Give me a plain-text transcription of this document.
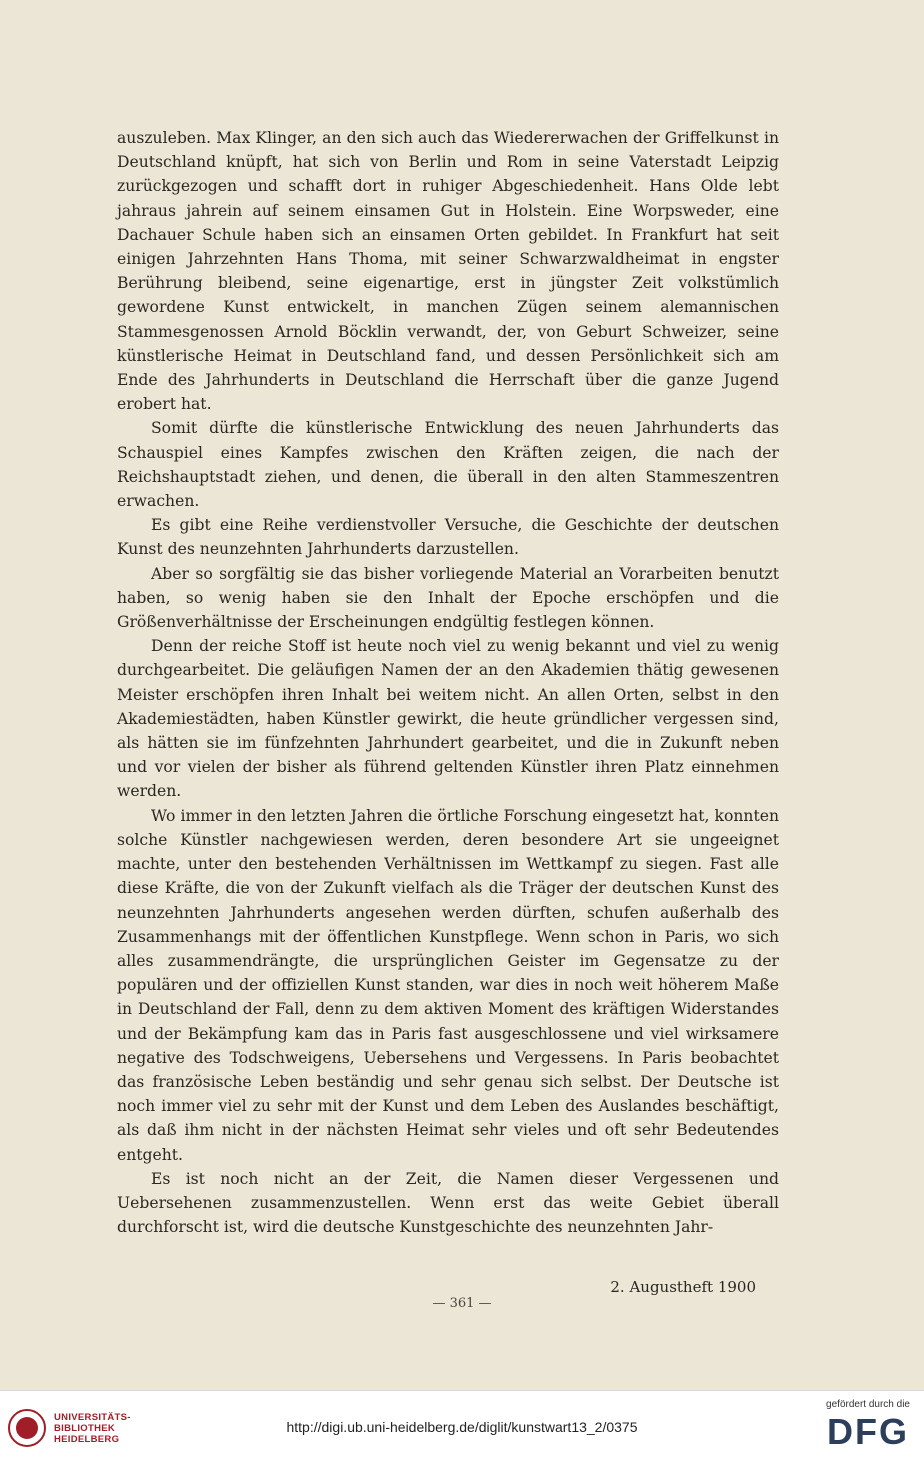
auszuleben. Max Klinger, an den sich auch das Wiedererwachen der Griffelkunst in Deutschland knüpft, hat sich von Berlin und Rom in seine Vaterstadt Leipzig zurückgezogen und schafft dort in ruhiger Abgeschiedenheit. Hans Olde lebt jahraus jahrein auf seinem einsamen Gut in Holstein. Eine Worpsweder, eine Dachauer Schule haben sich an einsamen Orten gebildet. In Frankfurt hat seit einigen Jahrzehnten Hans Thoma, mit seiner Schwarzwaldheimat in engster Berührung bleibend, seine eigenartige, erst in jüngster Zeit volkstümlich gewordene Kunst entwickelt, in manchen Zügen seinem alemannischen Stammesgenossen Arnold Böcklin verwandt, der, von Geburt Schweizer, seine künstlerische Heimat in Deutschland fand, und dessen Persönlichkeit sich am Ende des Jahrhunderts in Deutschland die Herrschaft über die ganze Jugend erobert hat.

Somit dürfte die künstlerische Entwicklung des neuen Jahrhunderts das Schauspiel eines Kampfes zwischen den Kräften zeigen, die nach der Reichshauptstadt ziehen, und denen, die überall in den alten Stammeszentren erwachen.

Es gibt eine Reihe verdienstvoller Versuche, die Geschichte der deutschen Kunst des neunzehnten Jahrhunderts darzustellen.

Aber so sorgfältig sie das bisher vorliegende Material an Vorarbeiten benutzt haben, so wenig haben sie den Inhalt der Epoche erschöpfen und die Größenverhältnisse der Erscheinungen endgültig festlegen können.

Denn der reiche Stoff ist heute noch viel zu wenig bekannt und viel zu wenig durchgearbeitet. Die geläufigen Namen der an den Akademien thätig gewesenen Meister erschöpfen ihren Inhalt bei weitem nicht. An allen Orten, selbst in den Akademiestädten, haben Künstler gewirkt, die heute gründlicher vergessen sind, als hätten sie im fünfzehnten Jahrhundert gearbeitet, und die in Zukunft neben und vor vielen der bisher als führend geltenden Künstler ihren Platz einnehmen werden.

Wo immer in den letzten Jahren die örtliche Forschung eingesetzt hat, konnten solche Künstler nachgewiesen werden, deren besondere Art sie ungeeignet machte, unter den bestehenden Verhältnissen im Wettkampf zu siegen. Fast alle diese Kräfte, die von der Zukunft vielfach als die Träger der deutschen Kunst des neunzehnten Jahrhunderts angesehen werden dürften, schufen außerhalb des Zusammenhangs mit der öffentlichen Kunstpflege. Wenn schon in Paris, wo sich alles zusammendrängte, die ursprünglichen Geister im Gegensatze zu der populären und der offiziellen Kunst standen, war dies in noch weit höherem Maße in Deutschland der Fall, denn zu dem aktiven Moment des kräftigen Widerstandes und der Bekämpfung kam das in Paris fast ausgeschlossene und viel wirksamere negative des Todschweigens, Uebersehens und Vergessens. In Paris beobachtet das französische Leben beständig und sehr genau sich selbst. Der Deutsche ist noch immer viel zu sehr mit der Kunst und dem Leben des Auslandes beschäftigt, als daß ihm nicht in der nächsten Heimat sehr vieles und oft sehr Bedeutendes entgeht.

Es ist noch nicht an der Zeit, die Namen dieser Vergessenen und Uebersehenen zusammenzustellen. Wenn erst das weite Gebiet überall durchforscht ist, wird die deutsche Kunstgeschichte des neunzehnten Jahr-

2. Augustheft 1900
— 361 —
UNIVERSITÄTS-
BIBLIOTHEK
HEIDELBERG
http://digi.ub.uni-heidelberg.de/diglit/kunstwart13_2/0375
gefördert durch die
DFG
